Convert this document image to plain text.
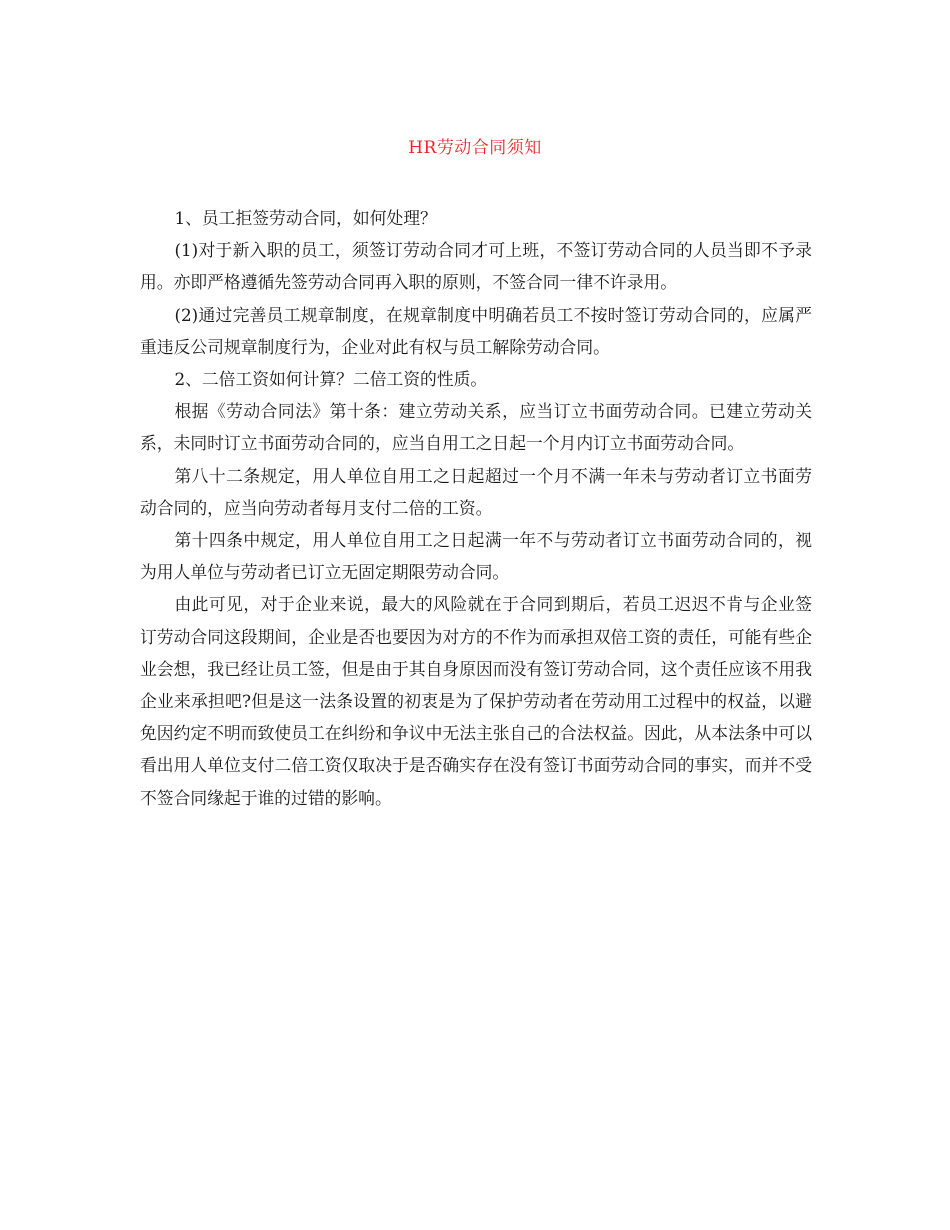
HR劳动合同须知

1、员工拒签劳动合同，如何处理？

(1)对于新入职的员工，须签订劳动合同才可上班，不签订劳动合同的人员当即不予录用。亦即严格遵循先签劳动合同再入职的原则，不签合同一律不许录用。

(2)通过完善员工规章制度，在规章制度中明确若员工不按时签订劳动合同的，应属严重违反公司规章制度行为，企业对此有权与员工解除劳动合同。

2、二倍工资如何计算？二倍工资的性质。

根据《劳动合同法》第十条：建立劳动关系，应当订立书面劳动合同。已建立劳动关系，未同时订立书面劳动合同的，应当自用工之日起一个月内订立书面劳动合同。

第八十二条规定，用人单位自用工之日起超过一个月不满一年未与劳动者订立书面劳动合同的，应当向劳动者每月支付二倍的工资。

第十四条中规定，用人单位自用工之日起满一年不与劳动者订立书面劳动合同的，视为用人单位与劳动者已订立无固定期限劳动合同。

由此可见，对于企业来说，最大的风险就在于合同到期后，若员工迟迟不肯与企业签订劳动合同这段期间，企业是否也要因为对方的不作为而承担双倍工资的责任，可能有些企业会想，我已经让员工签，但是由于其自身原因而没有签订劳动合同，这个责任应该不用我企业来承担吧?但是这一法条设置的初衷是为了保护劳动者在劳动用工过程中的权益，以避免因约定不明而致使员工在纠纷和争议中无法主张自己的合法权益。因此，从本法条中可以看出用人单位支付二倍工资仅取决于是否确实存在没有签订书面劳动合同的事实，而并不受不签合同缘起于谁的过错的影响。
